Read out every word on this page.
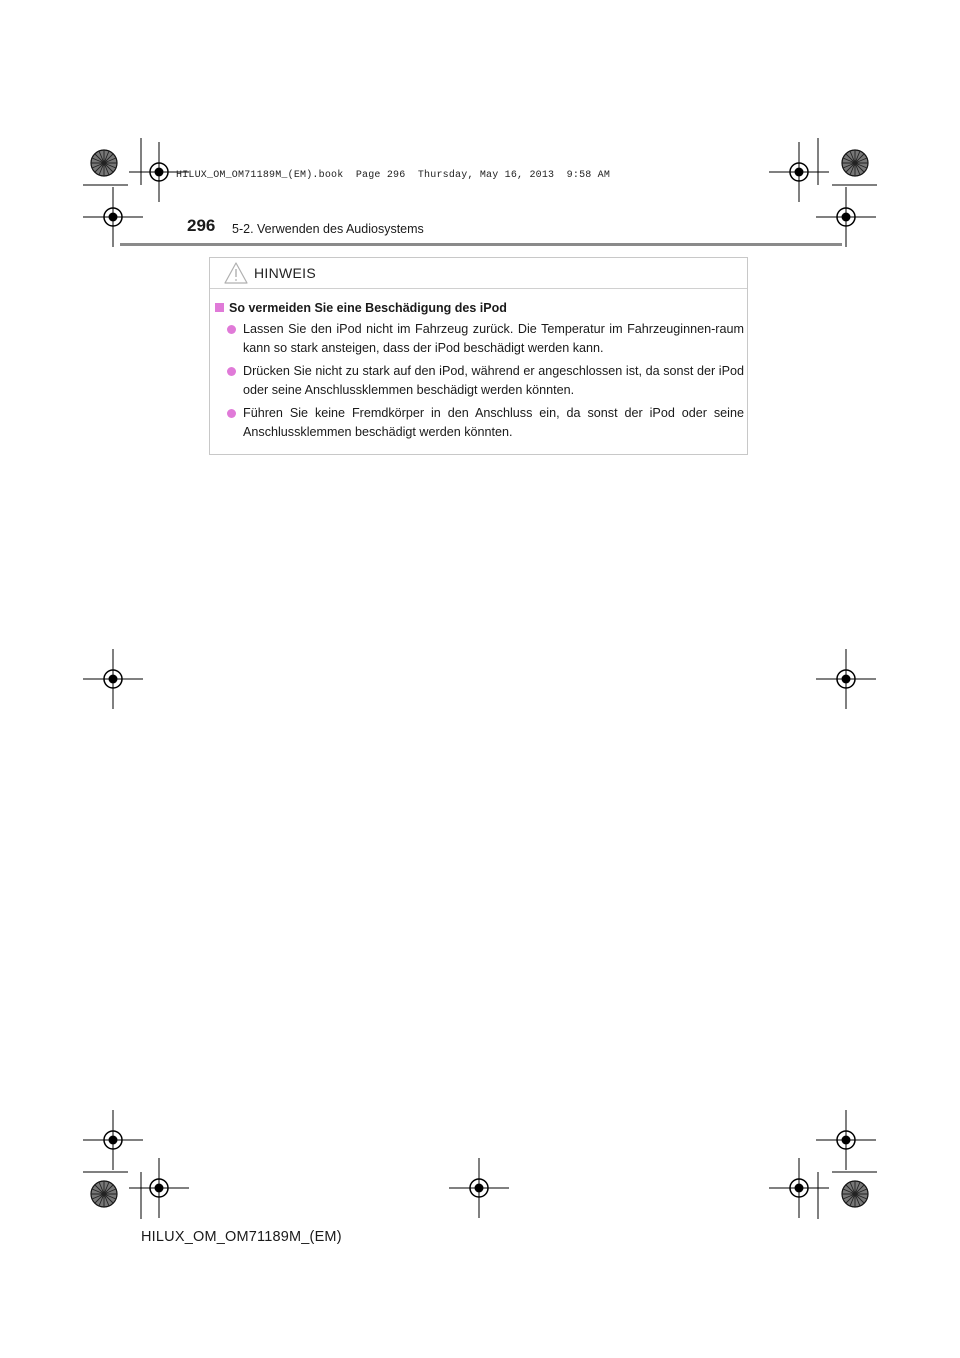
HILUX_OM_OM71189M_(EM).book  Page 296  Thursday, May 16, 2013  9:58 AM
296 5-2. Verwenden des Audiosystems
HINWEIS
So vermeiden Sie eine Beschädigung des iPod
Lassen Sie den iPod nicht im Fahrzeug zurück. Die Temperatur im Fahrzeuginnen-raum kann so stark ansteigen, dass der iPod beschädigt werden kann.
Drücken Sie nicht zu stark auf den iPod, während er angeschlossen ist, da sonst der iPod oder seine Anschlussklemmen beschädigt werden könnten.
Führen Sie keine Fremdkörper in den Anschluss ein, da sonst der iPod oder seine Anschlussklemmen beschädigt werden könnten.
HILUX_OM_OM71189M_(EM)
